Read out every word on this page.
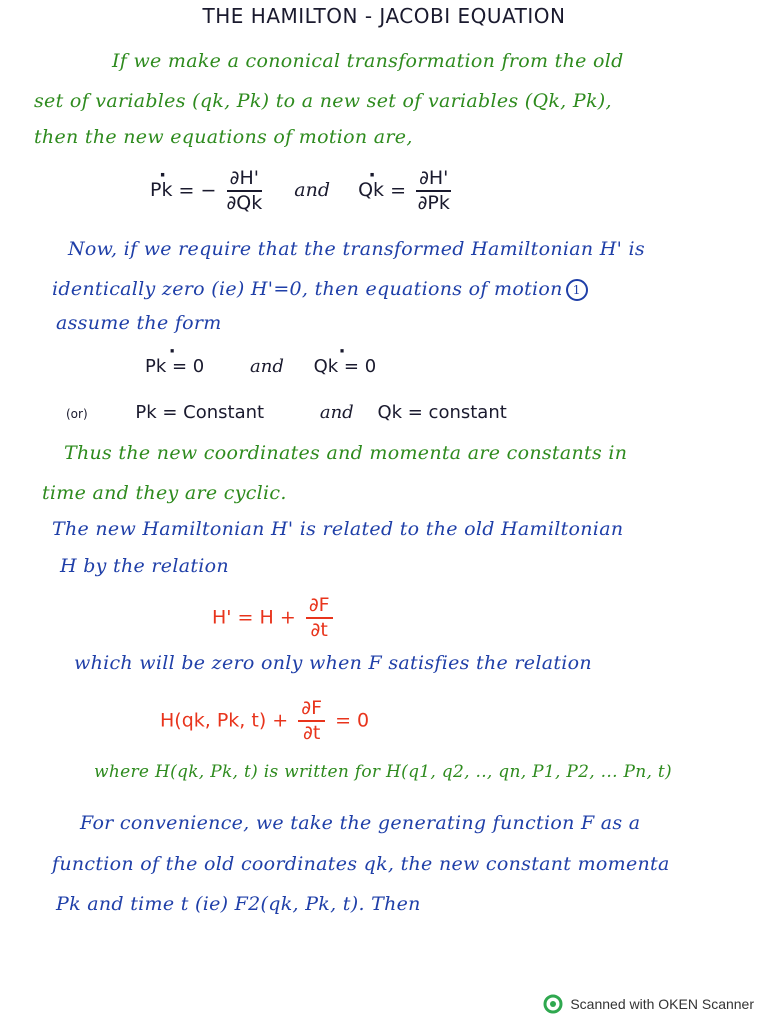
THE HAMILTON - JACOBI EQUATION
If we make a cononical transformation from the old
set of variables (qk, Pk) to a new set of variables (Qk, Pk),
then the new equations of motion are,
· Pk = − $\frac{\partial H'}{\partial Qk}$ and · $Qk = \frac{\partial H'}{\partial Pk}$
Now, if we require that the transformed Hamiltonian H' is
identically zero (ie) H'=0, then equations of motion 1
assume the form
· Pk = 0	and · Qk = 0
(or)	Pk = Constant	and Qk = constant
Thus the new coordinates and momenta are constants in
time and they are cyclic.
The new Hamiltonian H' is related to the old Hamiltonian
H by the relation
$H' = H + \frac{\partial F}{\partial t}$
which will be zero only when F satisfies the relation
H(qk, Pk, $t) + \frac{\partial F}{\partial t} = 0$
where H(qk, Pk, t) is written for H(q1, q2, .., qn, P1, P2, ... Pn, t)
For convenience, we take the generating function F as a
function of the old coordinates qk, the new constant momenta
Pk and time t (ie) F2(qk, Pk, t). Then
Scanned with OKEN Scanner
